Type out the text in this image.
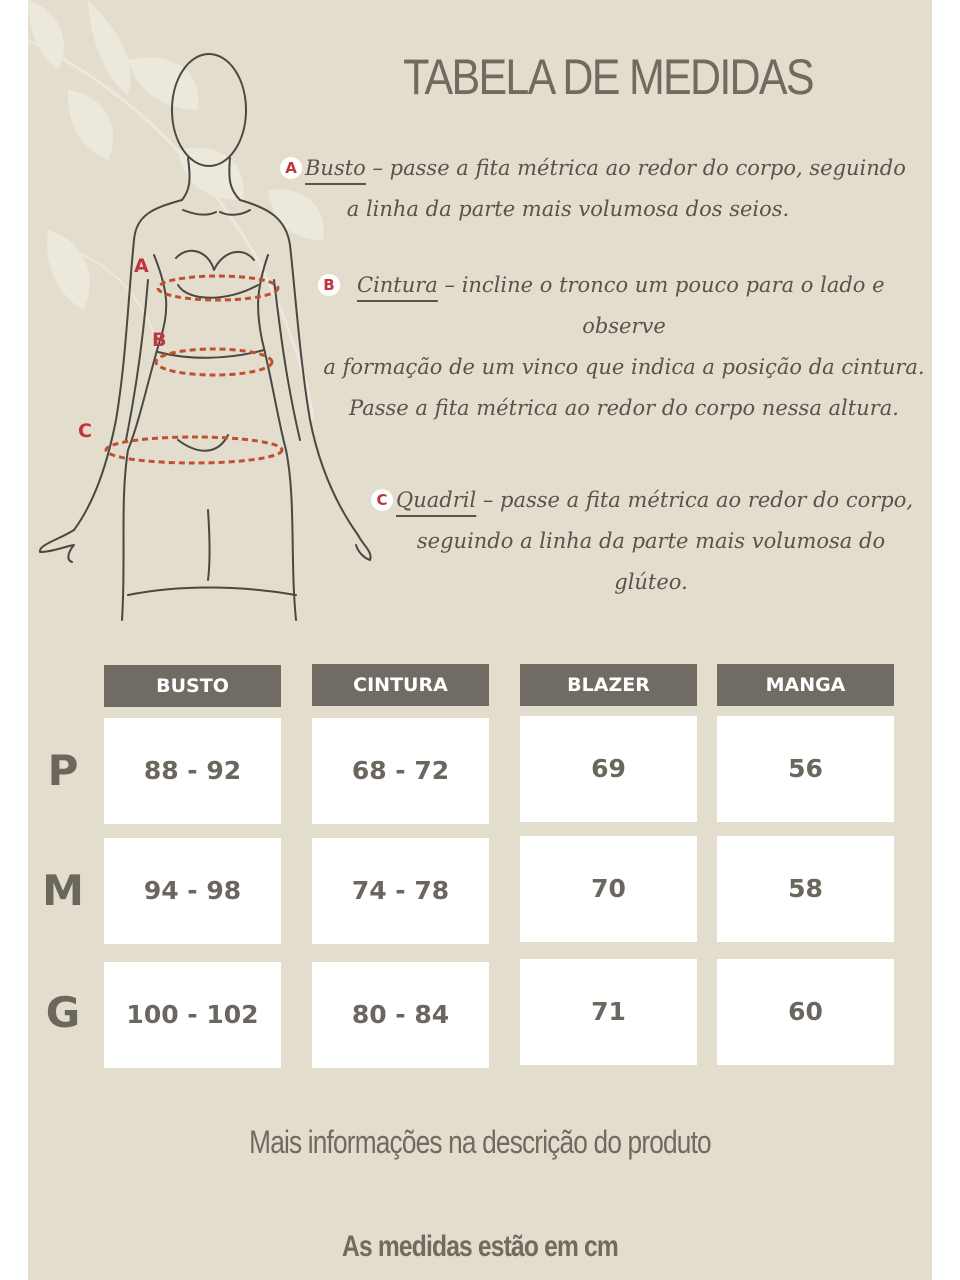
A
B
C
TABELA DE MEDIDAS
A Busto – passe a fita métrica ao redor do corpo, seguindo
a linha da parte mais volumosa dos seios.
B Cintura – incline o tronco um pouco para o lado e
observe
a formação de um vinco que indica a posição da cintura.
Passe a fita métrica ao redor do corpo nessa altura.
C Quadril – passe a fita métrica ao redor do corpo,
seguindo a linha da parte mais volumosa do
glúteo.
BUSTO	CINTURA	BLAZER	MANGA
P	88 - 92	68 - 72	69	56
M	94 - 98	74 - 78	70	58
G	100 - 102	80 - 84	71	60
Mais informações na descrição do produto
As medidas estão em cm
